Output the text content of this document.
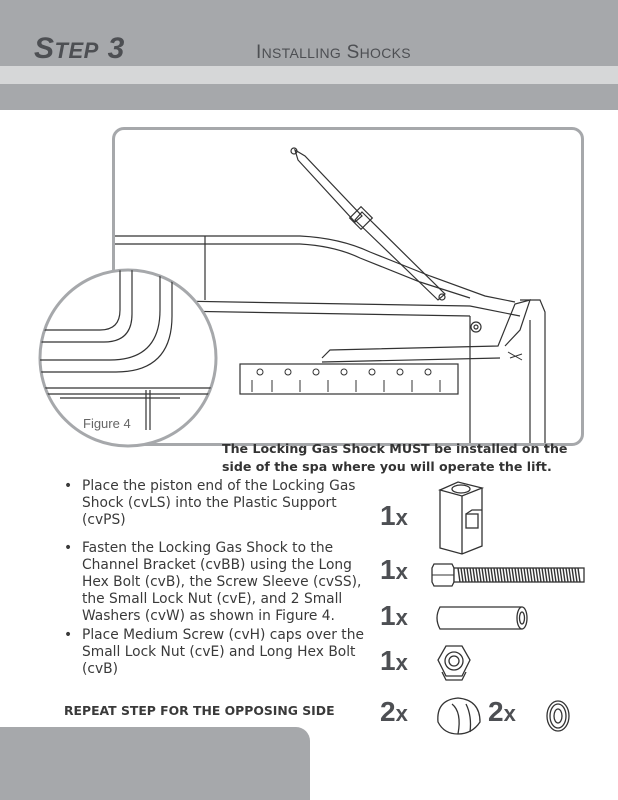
STEP 3	INSTALLING SHOCKS
Figure 4
The Locking Gas Shock MUST be installed on the side of the spa where you will operate the lift.
• Place the piston end of the Locking Gas Shock (cvLS) into the Plastic Support (cvPS)
• Fasten the Locking Gas Shock to the Channel Bracket (cvBB) using the Long Hex Bolt (cvB), the Screw Sleeve (cvSS), the Small Lock Nut (cvE), and 2 Small Washers (cvW) as shown in Figure 4.
• Place Medium Screw (cvH) caps over the Small Lock Nut (cvE) and Long Hex Bolt (cvB)
REPEAT STEP FOR THE OPPOSING SIDE
1x
1x
1x
1x
2x	2x
